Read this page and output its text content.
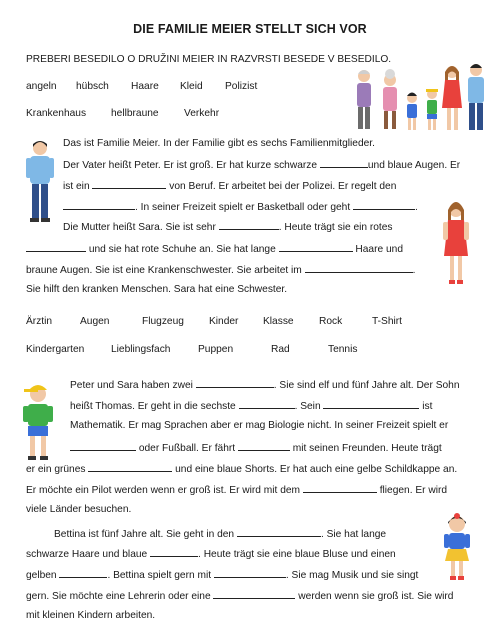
DIE FAMILIE MEIER STELLT SICH VOR
PREBERI BESEDILO O DRUŽINI MEIER IN RAZVRSTI BESEDE V BESEDILO.
angeln hübsch Haare Kleid Polizist
Krankenhaus hellbraune Verkehr
Das ist Familie Meier. In der Familie gibt es sechs Familienmitglieder.
Der Vater heißt Peter. Er ist groß. Er hat kurze schwarze	und blaue Augen. Er
ist ein	von Beruf. Er arbeitet bei der Polizei. Er regelt den
. In seiner Freizeit spielt er Basketball oder geht	.
Die Mutter heißt Sara. Sie ist sehr	. Heute trägt sie ein rotes
und sie hat rote Schuhe an. Sie hat lange	Haare und
braune Augen. Sie ist eine Krankenschwester. Sie arbeitet im	.
Sie hilft den kranken Menschen. Sara hat eine Schwester.
Ärztin	Augen	Flugzeug Kinder Klasse Rock	T-Shirt
Kindergarten	Lieblingsfach	Puppen	Rad	Tennis
Peter und Sara haben zwei	. Sie sind elf und fünf Jahre alt. Der Sohn
heißt Thomas. Er geht in die sechste	. Sein	ist
Mathematik. Er mag Sprachen aber er mag Biologie nicht. In seiner Freizeit spielt er
oder Fußball. Er fährt	mit seinen Freunden. Heute trägt
er ein grünes	und eine blaue Shorts. Er hat auch eine gelbe Schildkappe an.
Er möchte ein Pilot werden wenn er groß ist. Er wird mit dem	fliegen. Er wird
viele Länder besuchen.
Bettina ist fünf Jahre alt. Sie geht in den	. Sie hat lange
schwarze Haare und blaue	. Heute trägt sie eine blaue Bluse und einen
gelben	. Bettina spielt gern mit	. Sie mag Musik und sie singt
gern. Sie möchte eine Lehrerin oder eine	werden wenn sie groß ist. Sie wird
mit kleinen Kindern arbeiten.
